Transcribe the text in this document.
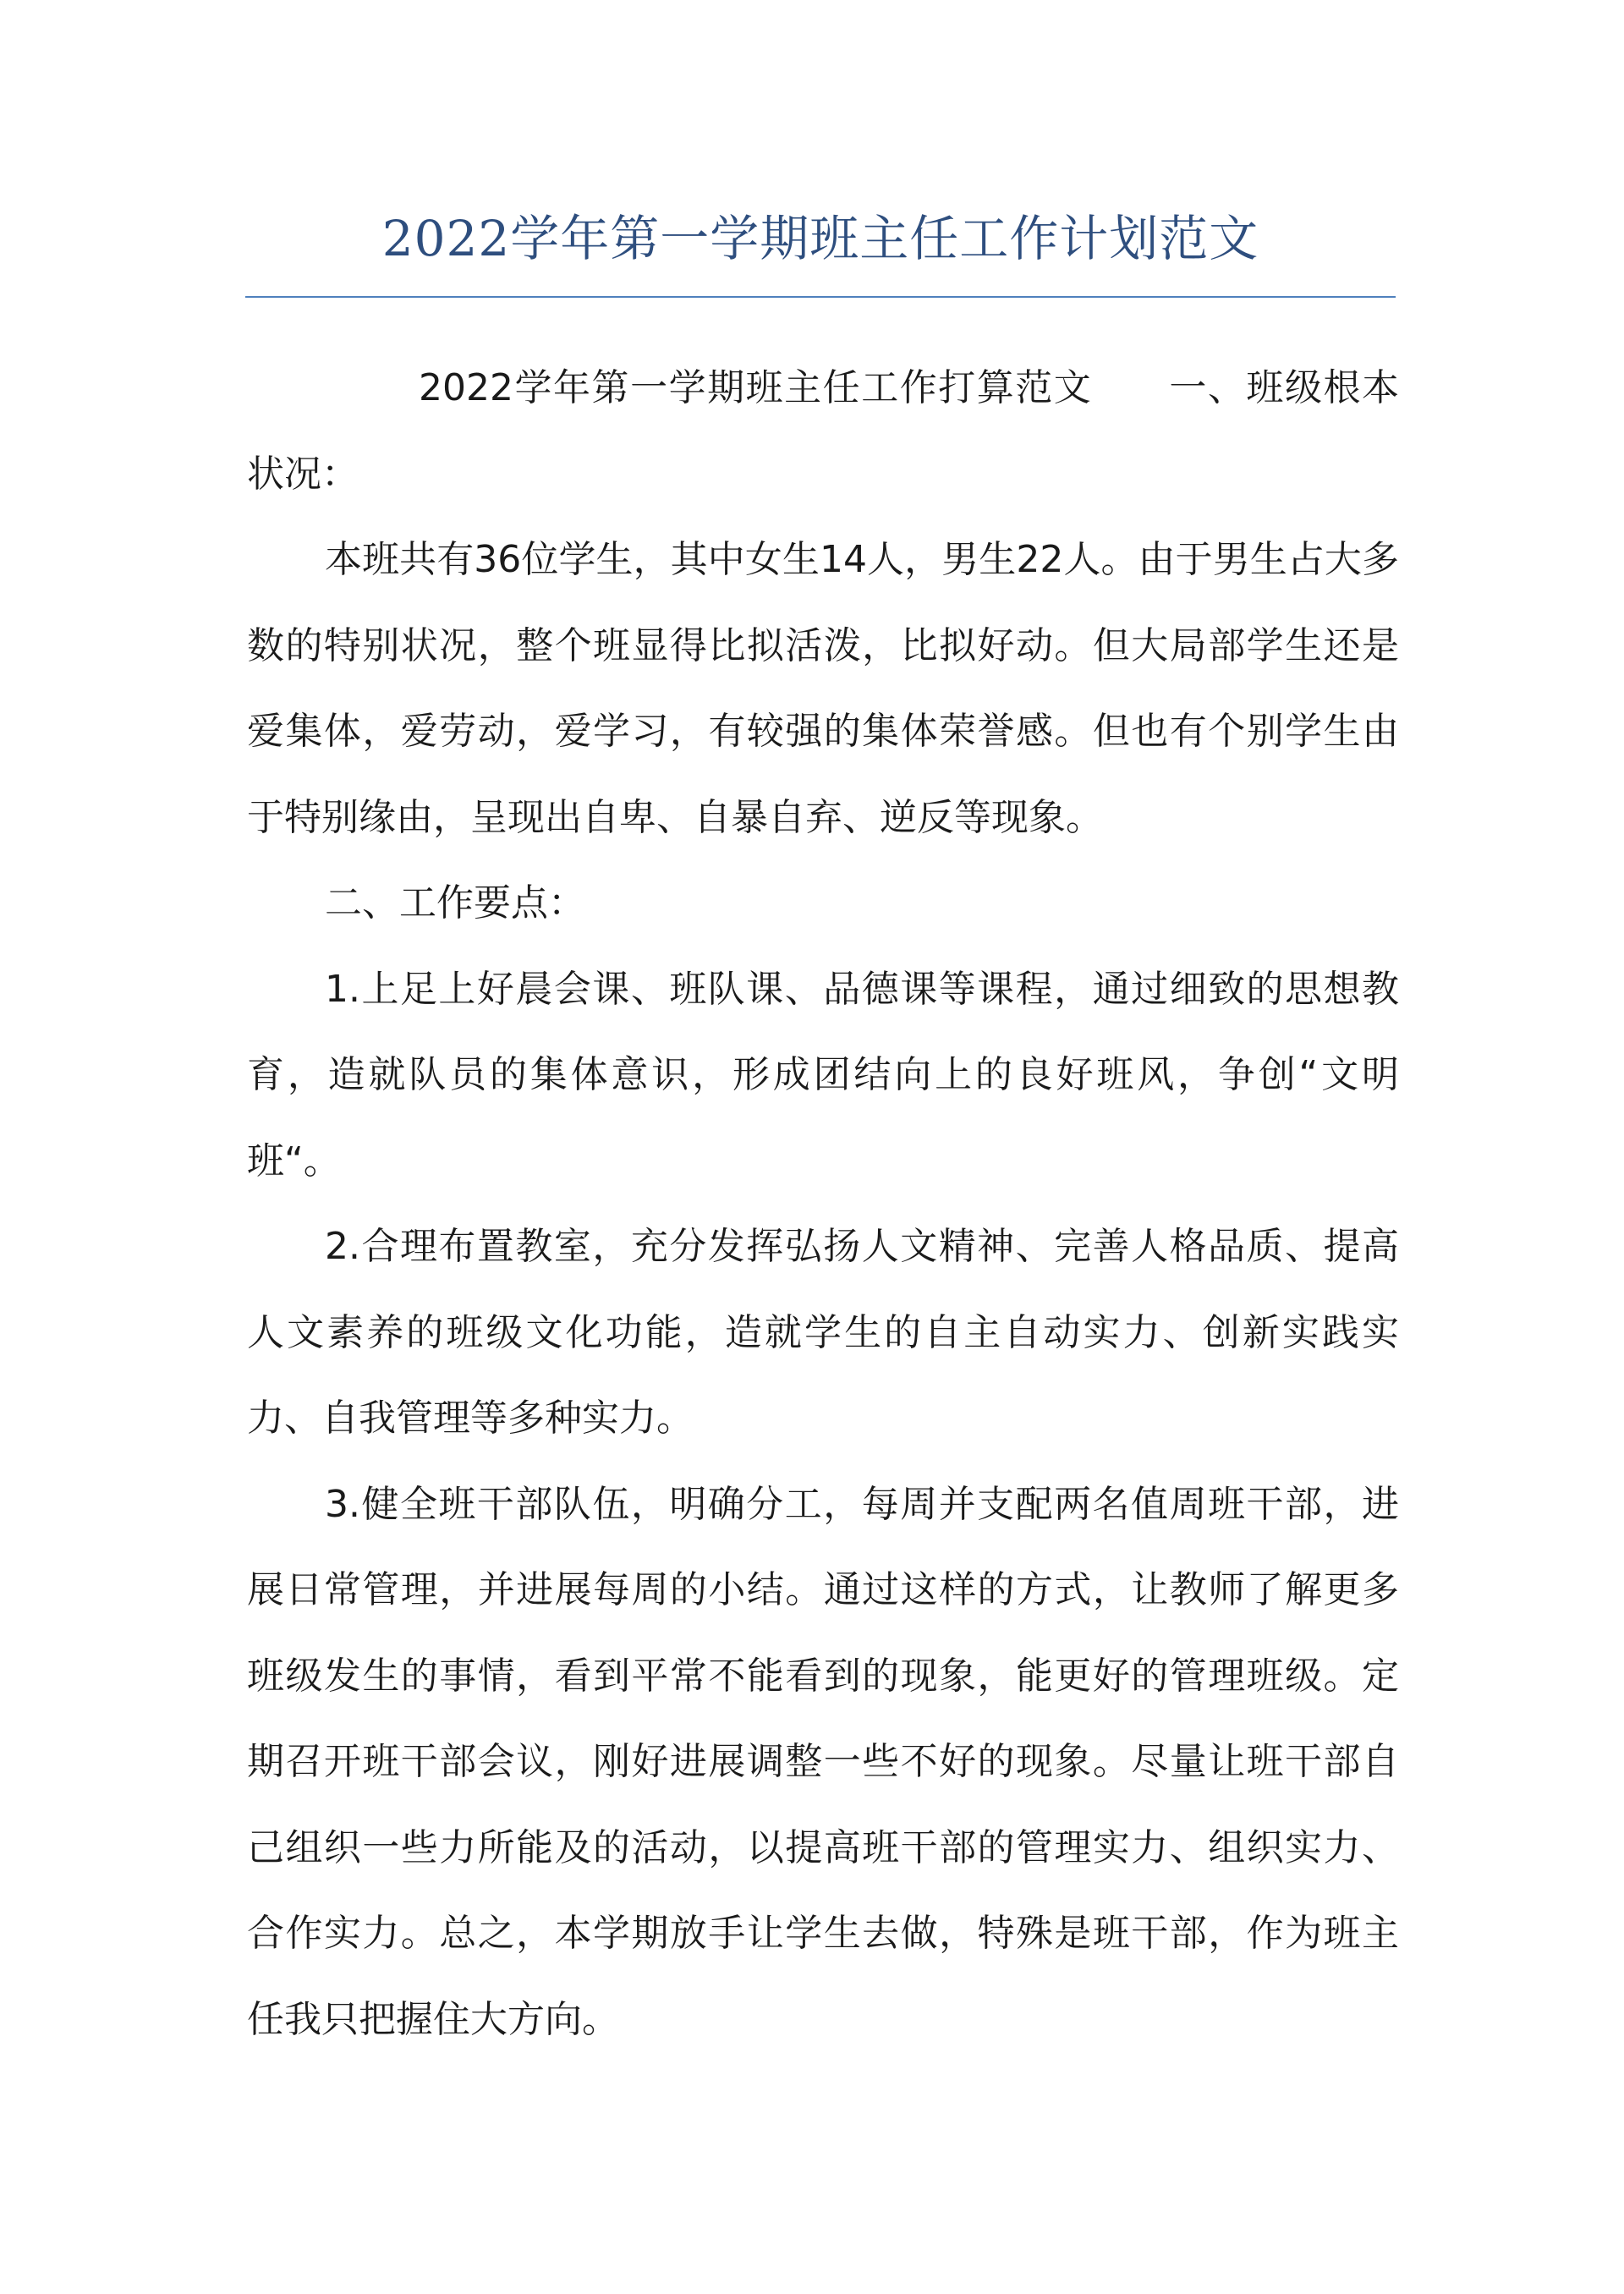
2022学年第一学期班主任工作计划范文

2022学年第一学期班主任工作打算范文　　一、班级根本状况：

本班共有36位学生，其中女生14人，男生22人。由于男生占大多数的特别状况，整个班显得比拟活泼，比拟好动。但大局部学生还是爱集体，爱劳动，爱学习，有较强的集体荣誉感。但也有个别学生由于特别缘由，呈现出自卑、自暴自弃、逆反等现象。

二、工作要点：

1.上足上好晨会课、班队课、品德课等课程，通过细致的思想教育，造就队员的集体意识，形成团结向上的良好班风，争创“文明班“。

2.合理布置教室，充分发挥弘扬人文精神、完善人格品质、提高人文素养的班级文化功能，造就学生的自主自动实力、创新实践实力、自我管理等多种实力。

3.健全班干部队伍，明确分工，每周并支配两名值周班干部，进展日常管理，并进展每周的小结。通过这样的方式，让教师了解更多班级发生的事情，看到平常不能看到的现象，能更好的管理班级。定期召开班干部会议，刚好进展调整一些不好的现象。尽量让班干部自己组织一些力所能及的活动，以提高班干部的管理实力、组织实力、合作实力。总之，本学期放手让学生去做，特殊是班干部，作为班主任我只把握住大方向。
